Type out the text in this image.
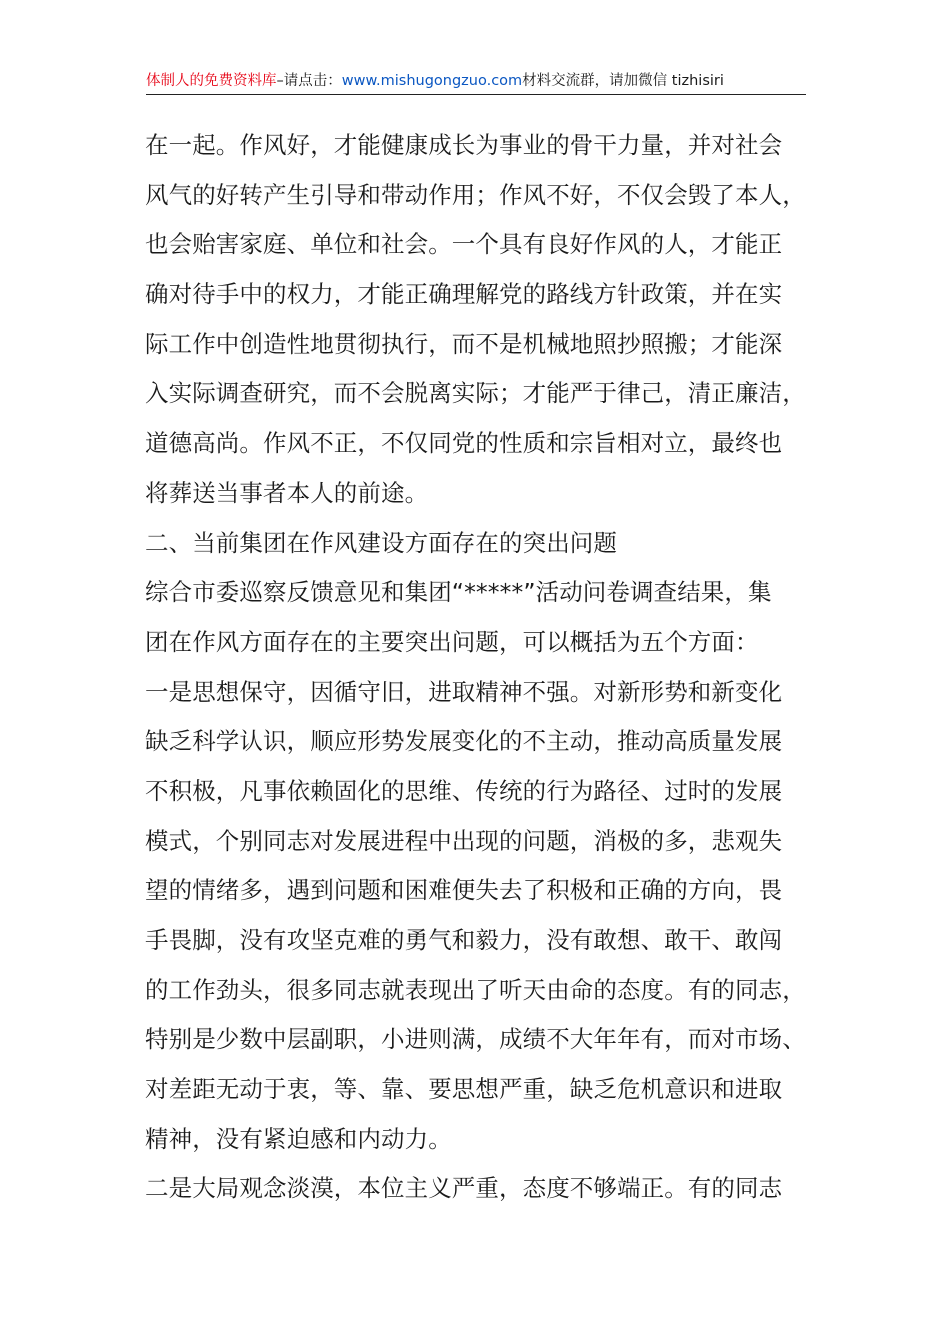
体制人的免费资料库–请点击：www.mishugongzuo.com材料交流群，请加微信 tizhisiri
在一起。作风好，才能健康成长为事业的骨干力量，并对社会
风气的好转产生引导和带动作用；作风不好，不仅会毁了本人，
也会贻害家庭、单位和社会。一个具有良好作风的人，才能正
确对待手中的权力，才能正确理解党的路线方针政策，并在实
际工作中创造性地贯彻执行，而不是机械地照抄照搬；才能深
入实际调查研究，而不会脱离实际；才能严于律己，清正廉洁，
道德高尚。作风不正，不仅同党的性质和宗旨相对立，最终也
将葬送当事者本人的前途。
二、当前集团在作风建设方面存在的突出问题
综合市委巡察反馈意见和集团“*****”活动问卷调查结果，集
团在作风方面存在的主要突出问题，可以概括为五个方面：
一是思想保守，因循守旧，进取精神不强。对新形势和新变化
缺乏科学认识，顺应形势发展变化的不主动，推动高质量发展
不积极，凡事依赖固化的思维、传统的行为路径、过时的发展
模式，个别同志对发展进程中出现的问题，消极的多，悲观失
望的情绪多，遇到问题和困难便失去了积极和正确的方向，畏
手畏脚，没有攻坚克难的勇气和毅力，没有敢想、敢干、敢闯
的工作劲头，很多同志就表现出了听天由命的态度。有的同志，
特别是少数中层副职，小进则满，成绩不大年年有，而对市场、
对差距无动于衷，等、靠、要思想严重，缺乏危机意识和进取
精神，没有紧迫感和内动力。
二是大局观念淡漠，本位主义严重，态度不够端正。有的同志
